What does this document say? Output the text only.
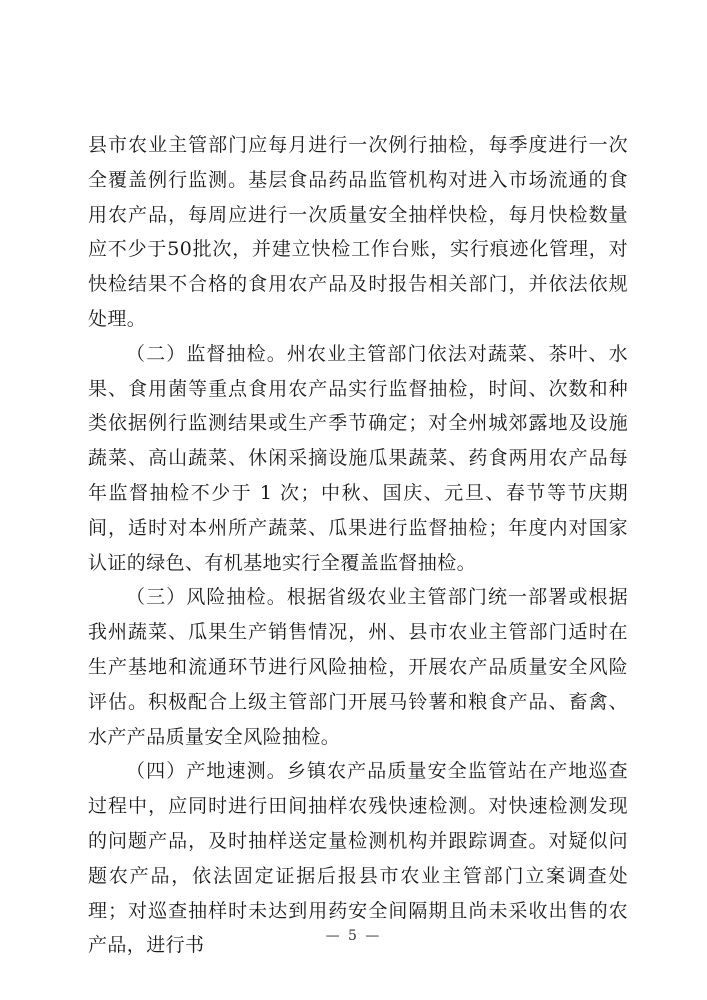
县市农业主管部门应每月进行一次例行抽检，每季度进行一次全覆盖例行监测。基层食品药品监管机构对进入市场流通的食用农产品，每周应进行一次质量安全抽样快检，每月快检数量应不少于50批次，并建立快检工作台账，实行痕迹化管理，对快检结果不合格的食用农产品及时报告相关部门，并依法依规处理。

（二）监督抽检。州农业主管部门依法对蔬菜、茶叶、水果、食用菌等重点食用农产品实行监督抽检，时间、次数和种类依据例行监测结果或生产季节确定；对全州城郊露地及设施蔬菜、高山蔬菜、休闲采摘设施瓜果蔬菜、药食两用农产品每年监督抽检不少于 1 次；中秋、国庆、元旦、春节等节庆期间，适时对本州所产蔬菜、瓜果进行监督抽检；年度内对国家认证的绿色、有机基地实行全覆盖监督抽检。

（三）风险抽检。根据省级农业主管部门统一部署或根据我州蔬菜、瓜果生产销售情况，州、县市农业主管部门适时在生产基地和流通环节进行风险抽检，开展农产品质量安全风险评估。积极配合上级主管部门开展马铃薯和粮食产品、畜禽、水产产品质量安全风险抽检。

（四）产地速测。乡镇农产品质量安全监管站在产地巡查过程中，应同时进行田间抽样农残快速检测。对快速检测发现的问题产品，及时抽样送定量检测机构并跟踪调查。对疑似问题农产品，依法固定证据后报县市农业主管部门立案调查处理；对巡查抽样时未达到用药安全间隔期且尚未采收出售的农产品，进行书	— 5 —
